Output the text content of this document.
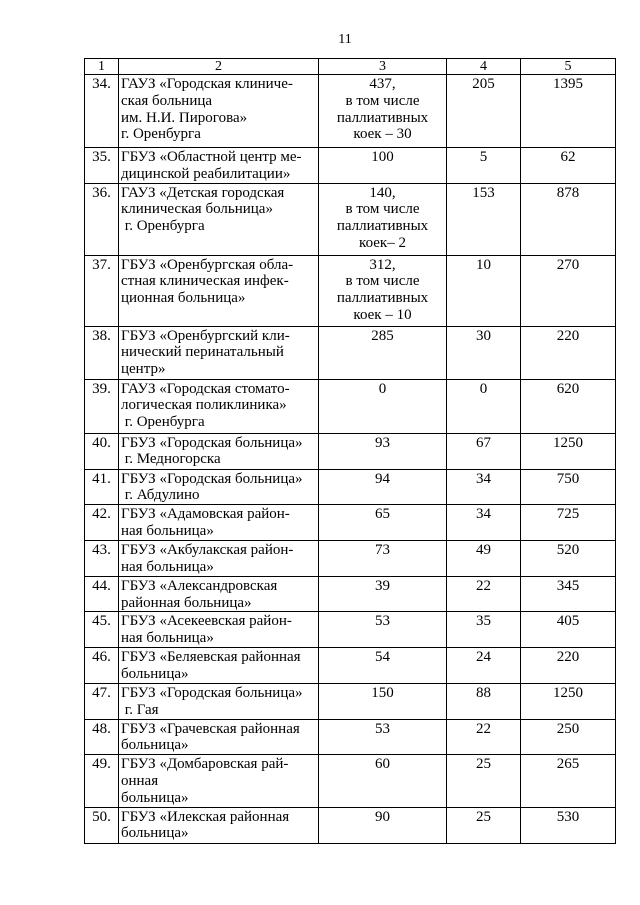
11
1	2	3	4	5
34.	ГАУЗ «Городская клиниче-
ская больница
им. Н.И. Пирогова»
г. Оренбурга	437,
в том числе
паллиативных
коек – 30	205	1395
35.	ГБУЗ «Областной центр ме-
дицинской реабилитации»	100	5	62
36.	ГАУЗ «Детская городская
клиническая больница»
г. Оренбурга	140,
в том числе
паллиативных
коек– 2	153	878
37.	ГБУЗ «Оренбургская обла-
стная клиническая инфек-
ционная больница»	312,
в том числе
паллиативных
коек – 10	10	270
38.	ГБУЗ «Оренбургский кли-
нический перинатальный
центр»	285	30	220
39.	ГАУЗ «Городская стомато-
логическая поликлиника»
г. Оренбурга	0	0	620
40.	ГБУЗ «Городская больница»
г. Медногорска	93	67	1250
41.	ГБУЗ «Городская больница»
г. Абдулино	94	34	750
42.	ГБУЗ «Адамовская район-
ная больница»	65	34	725
43.	ГБУЗ «Акбулакская район-
ная больница»	73	49	520
44.	ГБУЗ «Александровская
районная больница»	39	22	345
45.	ГБУЗ «Асекеевская район-
ная больница»	53	35	405
46.	ГБУЗ «Беляевская районная
больница»	54	24	220
47.	ГБУЗ «Городская больница»
г. Гая	150	88	1250
48.	ГБУЗ «Грачевская районная
больница»	53	22	250
49.	ГБУЗ «Домбаровская рай-
онная
больница»	60	25	265
50.	ГБУЗ «Илекская районная
больница»	90	25	530
